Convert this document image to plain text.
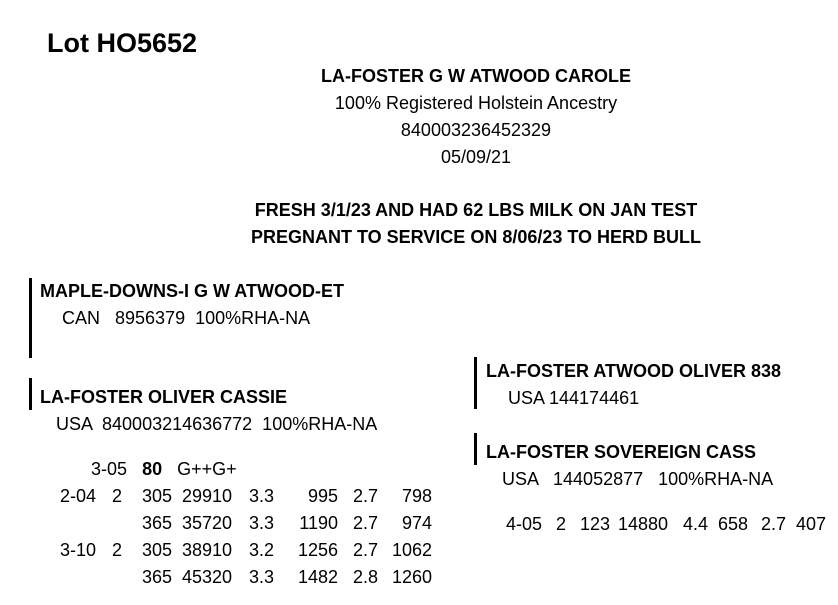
Lot HO5652
LA-FOSTER G W ATWOOD CAROLE
100% Registered Holstein Ancestry
840003236452329
05/09/21
FRESH 3/1/23 AND HAD 62 LBS MILK ON JAN TEST
PREGNANT TO SERVICE ON 8/06/23 TO HERD BULL
MAPLE-DOWNS-I G W ATWOOD-ET
CAN   8956379  100%RHA-NA
LA-FOSTER OLIVER CASSIE
USA  840003214636772  100%RHA-NA

3-05 80 G++G+

2-04 2 305 29910 3.3 995 2.7 798

365 35720 3.3 1190 2.7 974

3-10 2 305 38910 3.2 1256 2.7 1062

365 45320 3.3 1482 2.8 1260

LA-FOSTER ATWOOD OLIVER 838
USA 144174461
LA-FOSTER SOVEREIGN CASS
USA   144052877   100%RHA-NA

4-05 2 123 14880 4.4 658 2.7 407
